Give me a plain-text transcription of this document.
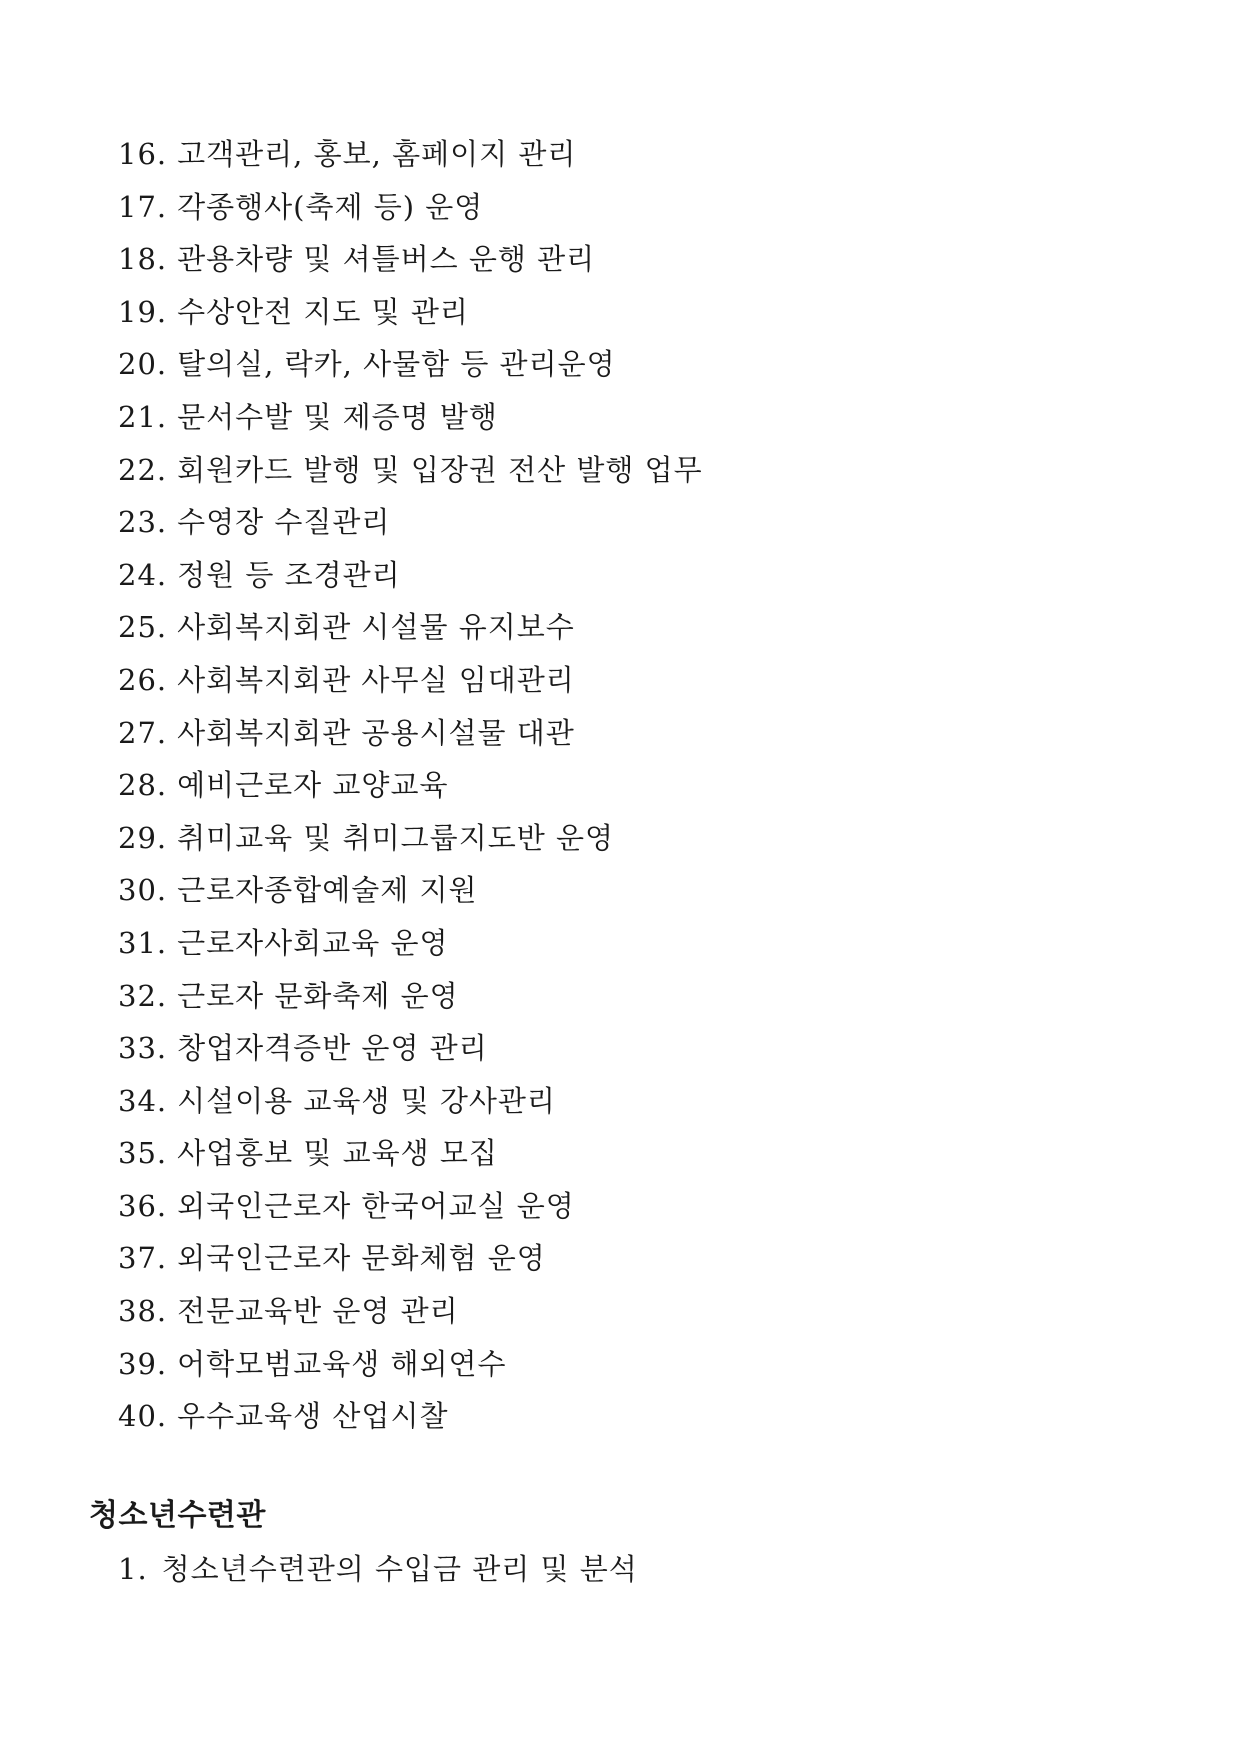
16. 고객관리, 홍보, 홈페이지 관리
17. 각종행사(축제 등) 운영
18. 관용차량 및 셔틀버스 운행 관리
19. 수상안전 지도 및 관리
20. 탈의실, 락카, 사물함 등 관리운영
21. 문서수발 및 제증명 발행
22. 회원카드 발행 및 입장권 전산 발행 업무
23. 수영장 수질관리
24. 정원 등 조경관리
25. 사회복지회관 시설물 유지보수
26. 사회복지회관 사무실 임대관리
27. 사회복지회관 공용시설물 대관
28. 예비근로자 교양교육
29. 취미교육 및 취미그룹지도반 운영
30. 근로자종합예술제 지원
31. 근로자사회교육 운영
32. 근로자 문화축제 운영
33. 창업자격증반 운영 관리
34. 시설이용 교육생 및 강사관리
35. 사업홍보 및 교육생 모집
36. 외국인근로자 한국어교실 운영
37. 외국인근로자 문화체험 운영
38. 전문교육반 운영 관리
39. 어학모범교육생 해외연수
40. 우수교육생 산업시찰
청소년수련관
1. 청소년수련관의 수입금 관리 및 분석
